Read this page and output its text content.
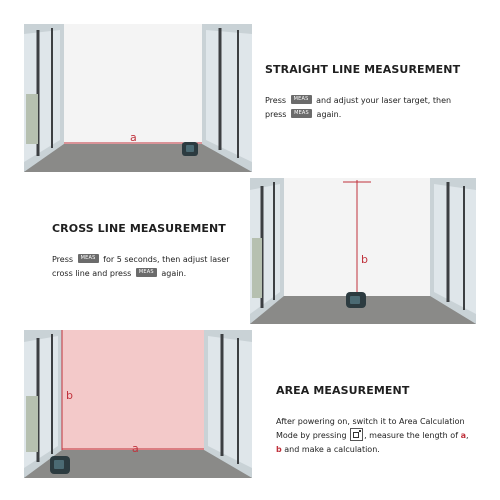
a
b
b
a
STRAIGHT LINE MEASUREMENT
Press MEAS and adjust your laser target, then
press MEAS again.
CROSS LINE MEASUREMENT
Press MEAS for 5 seconds, then adjust laser
cross line and press MEAS again.
AREA MEASUREMENT
After powering on, switch it to Area Calculation
Mode by pressing , measure the length of a,
b and make a calculation.
